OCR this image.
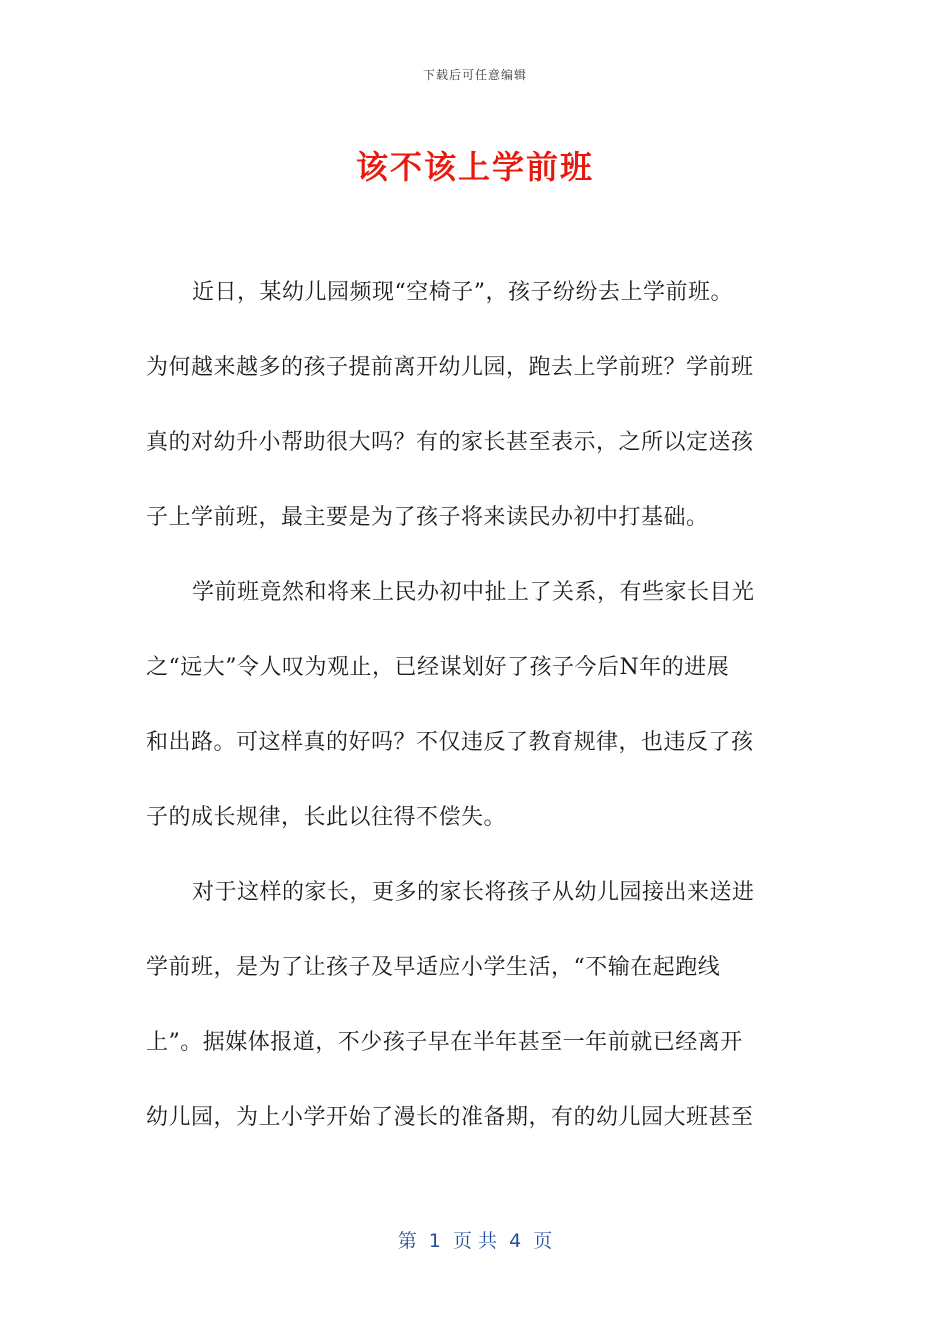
下载后可任意编辑
该不该上学前班
近日，某幼儿园频现“空椅子”，孩子纷纷去上学前班。
为何越来越多的孩子提前离开幼儿园，跑去上学前班？学前班
真的对幼升小帮助很大吗？有的家长甚至表示，之所以定送孩
子上学前班，最主要是为了孩子将来读民办初中打基础。
学前班竟然和将来上民办初中扯上了关系，有些家长目光
之“远大”令人叹为观止，已经谋划好了孩子今后N年的进展
和出路。可这样真的好吗？不仅违反了教育规律，也违反了孩
子的成长规律，长此以往得不偿失。
对于这样的家长，更多的家长将孩子从幼儿园接出来送进
学前班，是为了让孩子及早适应小学生活，“不输在起跑线
上”。据媒体报道，不少孩子早在半年甚至一年前就已经离开
幼儿园，为上小学开始了漫长的准备期，有的幼儿园大班甚至
第  1  页 共  4  页
